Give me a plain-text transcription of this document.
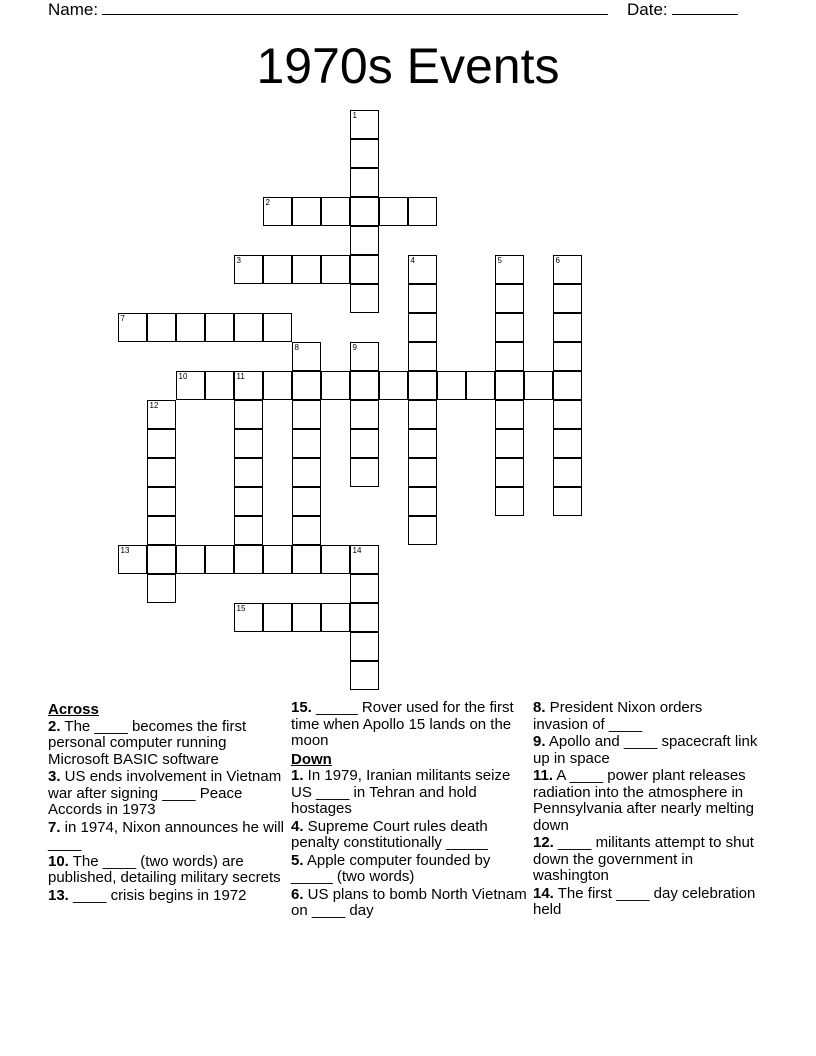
Name:	Date:
1970s Events
1
2
3	4	5	6
7
8	9
10	11
12
13	14
15
Across
2. The ____ becomes the first personal computer running Microsoft BASIC software
3. US ends involvement in Vietnam war after signing ____ Peace Accords in 1973
7. in 1974, Nixon announces he will ____
10. The ____ (two words) are published, detailing military secrets
13. ____ crisis begins in 1972
15. _____ Rover used for the first time when Apollo 15 lands on the moon
Down
1. In 1979, Iranian militants seize US ____ in Tehran and hold hostages
4. Supreme Court rules death penalty constitutionally _____
5. Apple computer founded by _____ (two words)
6. US plans to bomb North Vietnam on ____ day
8. President Nixon orders invasion of ____
9. Apollo and ____ spacecraft link up in space
11. A ____ power plant releases radiation into the atmosphere in Pennsylvania after nearly melting down
12. ____ militants attempt to shut down the government in washington
14. The first ____ day celebration held
